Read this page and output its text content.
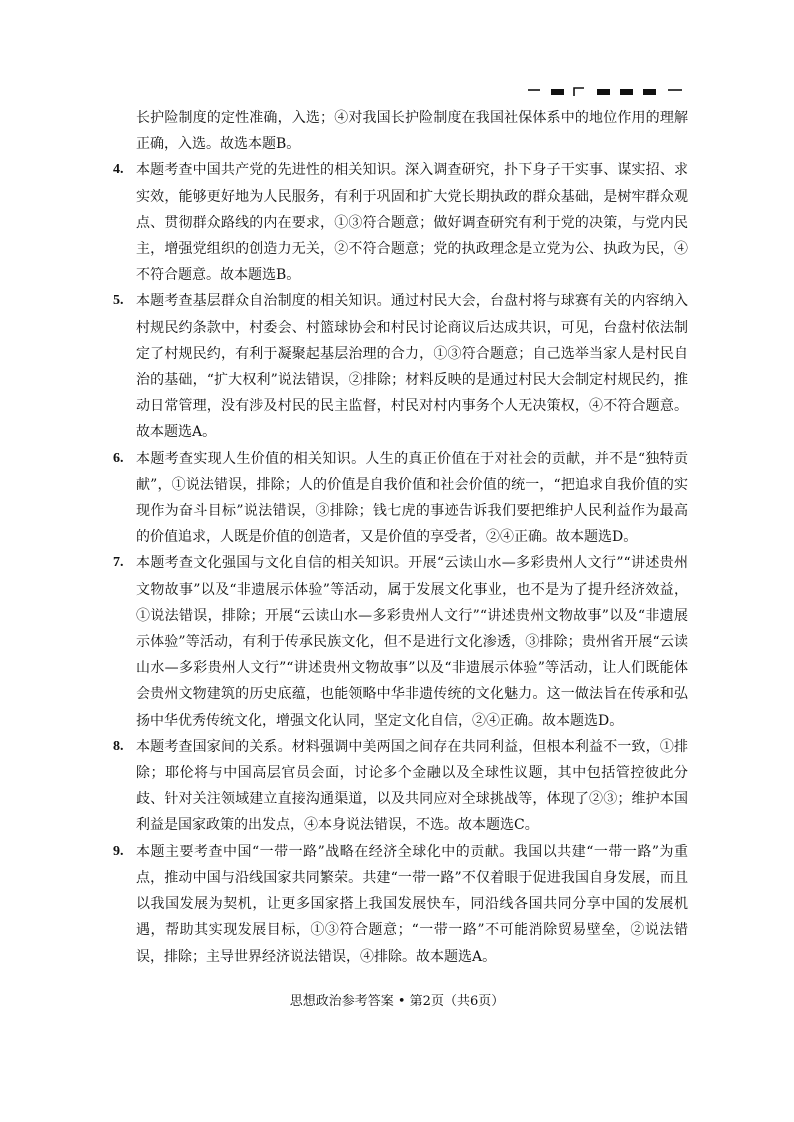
长护险制度的定性准确，入选；④对我国长护险制度在我国社保体系中的地位作用的理解正确，入选。故选本题B。

4. 本题考查中国共产党的先进性的相关知识。深入调查研究，扑下身子干实事、谋实招、求实效，能够更好地为人民服务，有利于巩固和扩大党长期执政的群众基础，是树牢群众观点、贯彻群众路线的内在要求，①③符合题意；做好调查研究有利于党的决策，与党内民主，增强党组织的创造力无关，②不符合题意；党的执政理念是立党为公、执政为民，④不符合题意。故本题选B。
5. 本题考查基层群众自治制度的相关知识。通过村民大会，台盘村将与球赛有关的内容纳入村规民约条款中，村委会、村篮球协会和村民讨论商议后达成共识，可见，台盘村依法制定了村规民约，有利于凝聚起基层治理的合力，①③符合题意；自己选举当家人是村民自治的基础，“扩大权利”说法错误，②排除；材料反映的是通过村民大会制定村规民约，推动日常管理，没有涉及村民的民主监督，村民对村内事务个人无决策权，④不符合题意。故本题选A。
6. 本题考查实现人生价值的相关知识。人生的真正价值在于对社会的贡献，并不是“独特贡献”，①说法错误，排除；人的价值是自我价值和社会价值的统一，“把追求自我价值的实现作为奋斗目标”说法错误，③排除；钱七虎的事迹告诉我们要把维护人民利益作为最高的价值追求，人既是价值的创造者，又是价值的享受者，②④正确。故本题选D。
7. 本题考查文化强国与文化自信的相关知识。开展“云读山水—多彩贵州人文行”“讲述贵州文物故事”以及“非遗展示体验”等活动，属于发展文化事业，也不是为了提升经济效益，①说法错误，排除；开展“云读山水—多彩贵州人文行”“讲述贵州文物故事”以及“非遗展示体验”等活动，有利于传承民族文化，但不是进行文化渗透，③排除；贵州省开展“云读山水—多彩贵州人文行”“讲述贵州文物故事”以及“非遗展示体验”等活动，让人们既能体会贵州文物建筑的历史底蕴，也能领略中华非遗传统的文化魅力。这一做法旨在传承和弘扬中华优秀传统文化，增强文化认同，坚定文化自信，②④正确。故本题选D。
8. 本题考查国家间的关系。材料强调中美两国之间存在共同利益，但根本利益不一致，①排除；耶伦将与中国高层官员会面，讨论多个金融以及全球性议题，其中包括管控彼此分歧、针对关注领域建立直接沟通渠道，以及共同应对全球挑战等，体现了②③；维护本国利益是国家政策的出发点，④本身说法错误，不选。故本题选C。
9. 本题主要考查中国“一带一路”战略在经济全球化中的贡献。我国以共建“一带一路”为重点，推动中国与沿线国家共同繁荣。共建“一带一路”不仅着眼于促进我国自身发展，而且以我国发展为契机，让更多国家搭上我国发展快车，同沿线各国共同分享中国的发展机遇，帮助其实现发展目标，①③符合题意；“一带一路”不可能消除贸易壁垒，②说法错误，排除；主导世界经济说法错误，④排除。故本题选A。
思想政治参考答案 • 第2页（共6页）
